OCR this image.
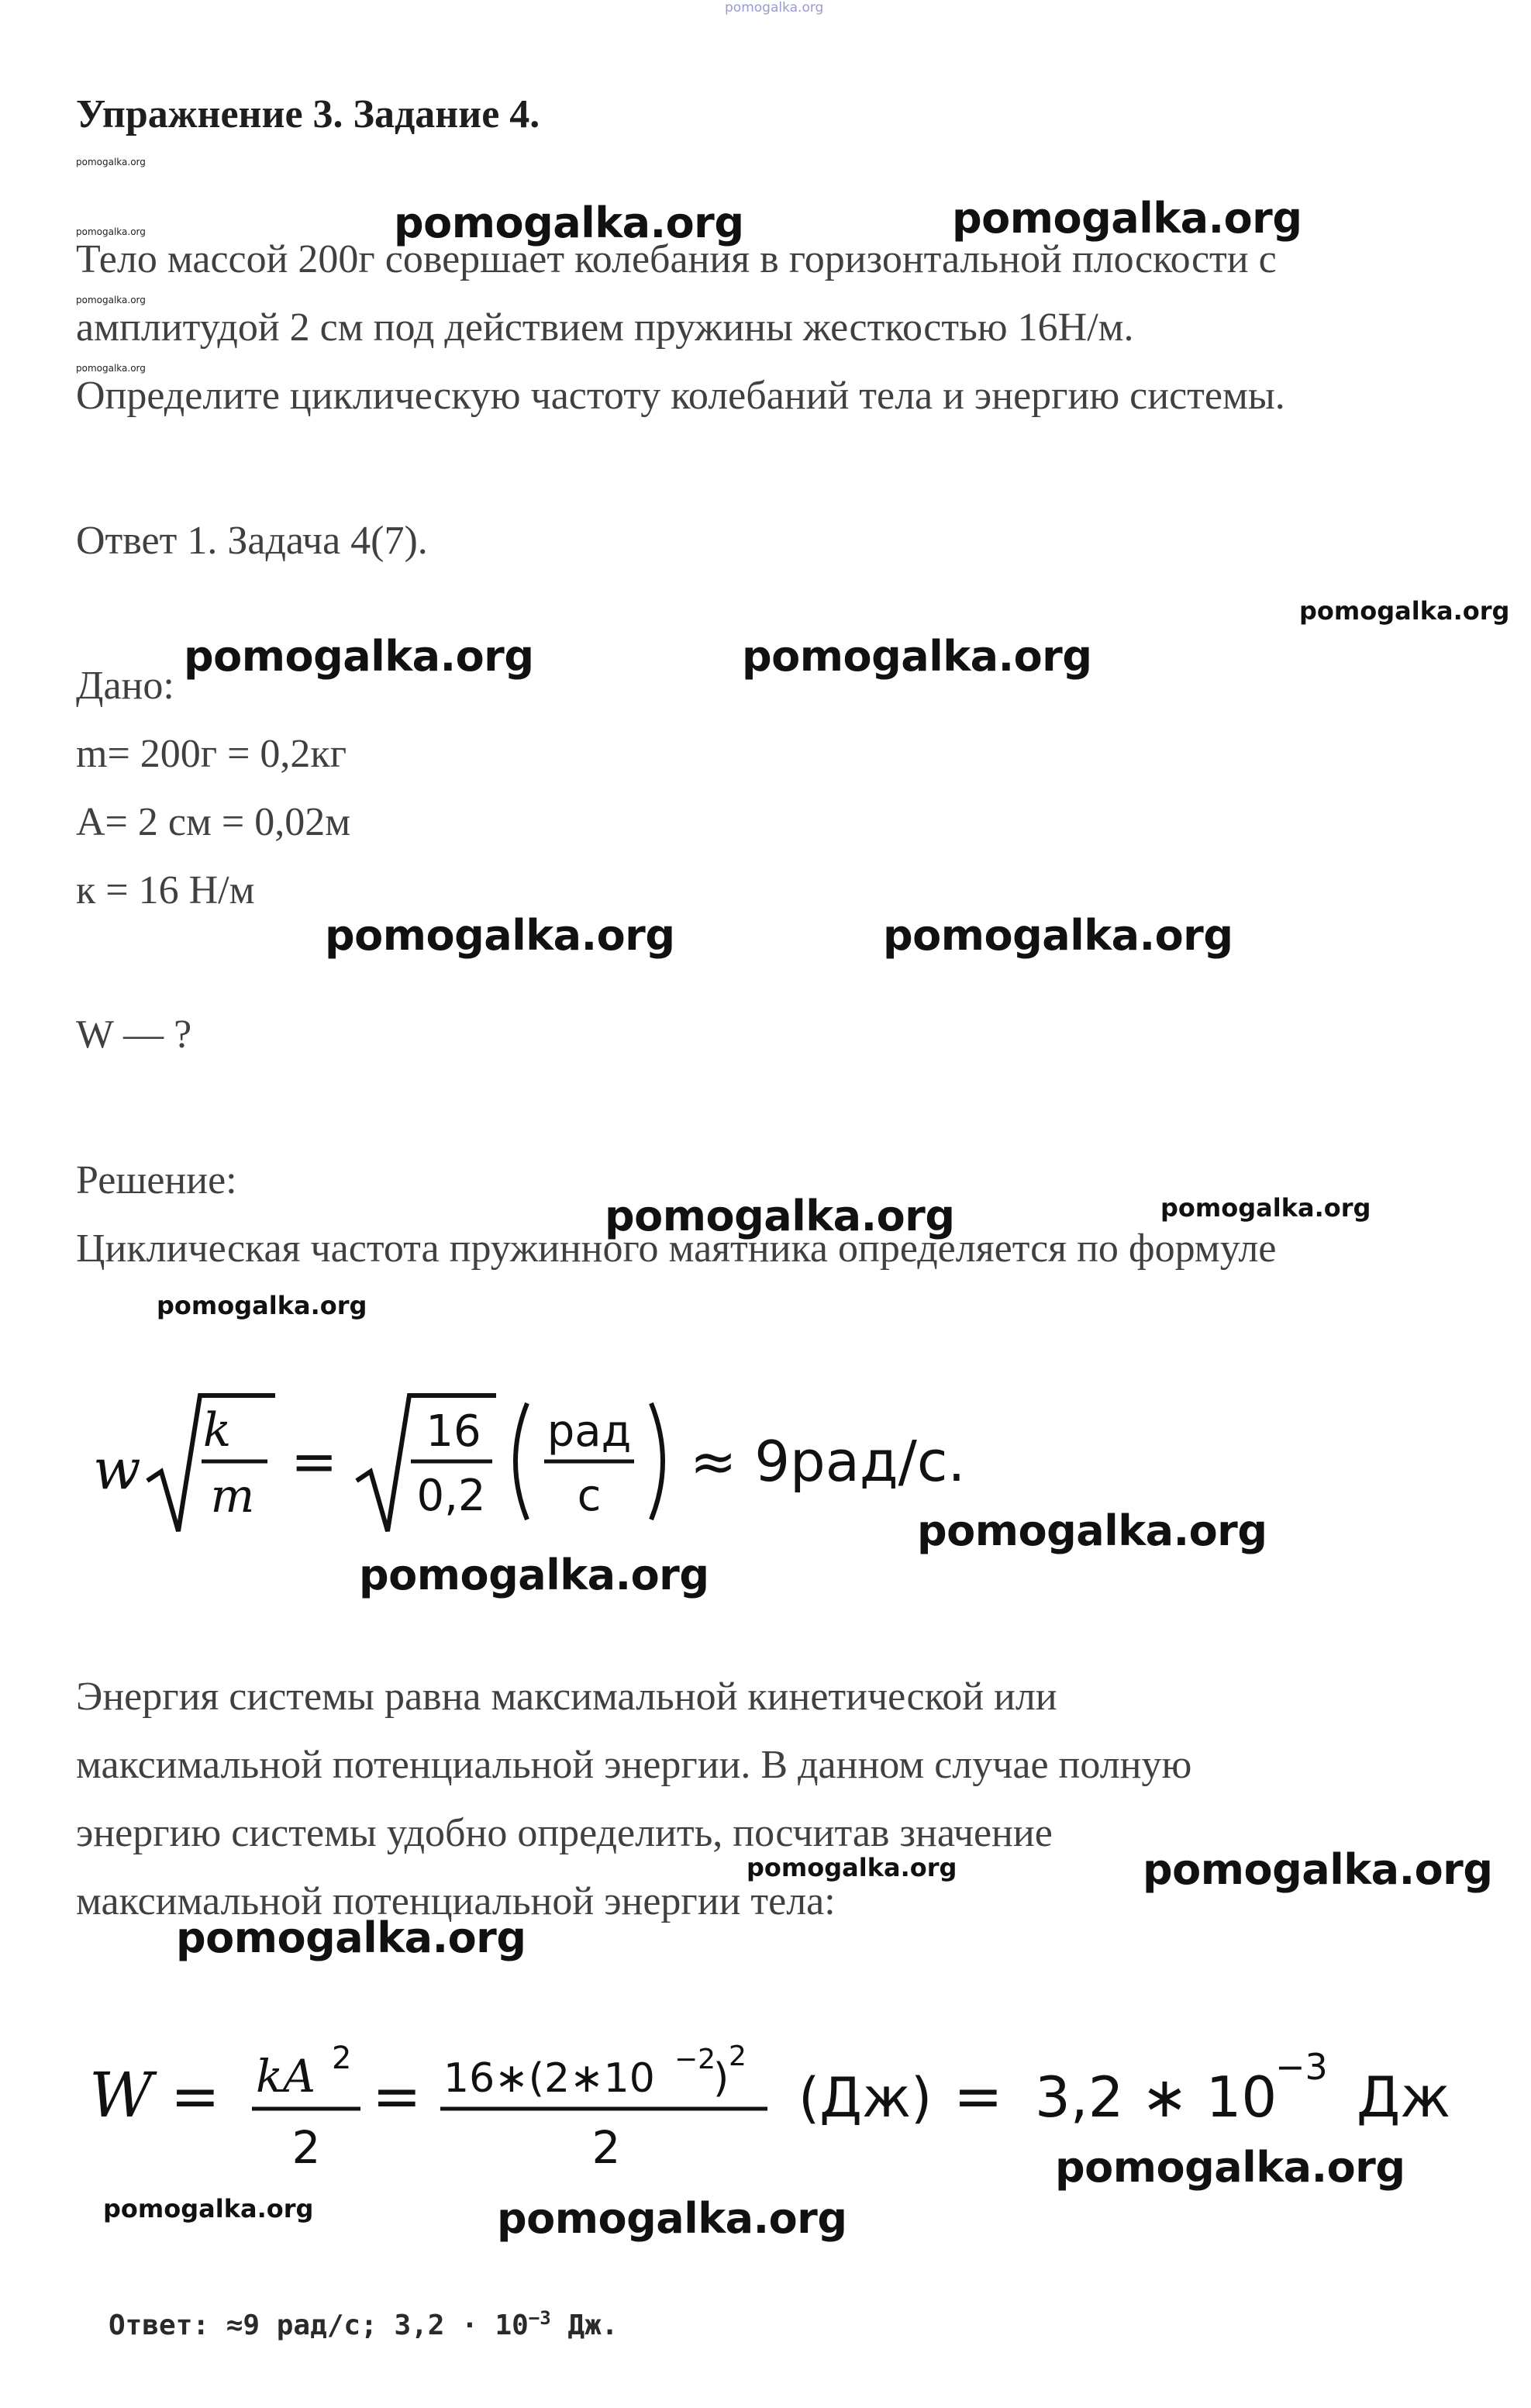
pomogalka.org
Упражнение 3. Задание 4.
pomogalka.org
pomogalka.org
Тело массой 200г совершает колебания в горизонтальной плоскости с
pomogalka.org
амплитудой 2 см под действием пружины жесткостью 16Н/м.
pomogalka.org
Определите циклическую частоту колебаний тела и энергию системы.
pomogalka.org	pomogalka.org
Ответ 1. Задача 4(7).
pomogalka.org
Дано:
pomogalka.org	pomogalka.org
m= 200г = 0,2кг
A= 2 см = 0,02м
к = 16 Н/м
pomogalka.org	pomogalka.org
W — ?
Решение:
pomogalka.org	pomogalka.org
Циклическая частота пружинного маятника определяется по формуле
pomogalka.org
w
k
m
= 16
0,2
рад
c
≈ 9рад/с.
pomogalka.org
pomogalka.org
Энергия системы равна максимальной кинетической или
максимальной потенциальной энергии. В данном случае полную
энергию системы удобно определить, посчитав значение
максимальной потенциальной энергии тела:
pomogalka.org	pomogalka.org
pomogalka.org
W = kA 2
2
= 16∗(2∗10 −2
) 2
2
(Дж) = 3,2 ∗ 10
−3 Дж
pomogalka.org
pomogalka.org	pomogalka.org
Ответ: ≈9 рад/с; $3,2 \cdot 10^{-3}$ Дж.
